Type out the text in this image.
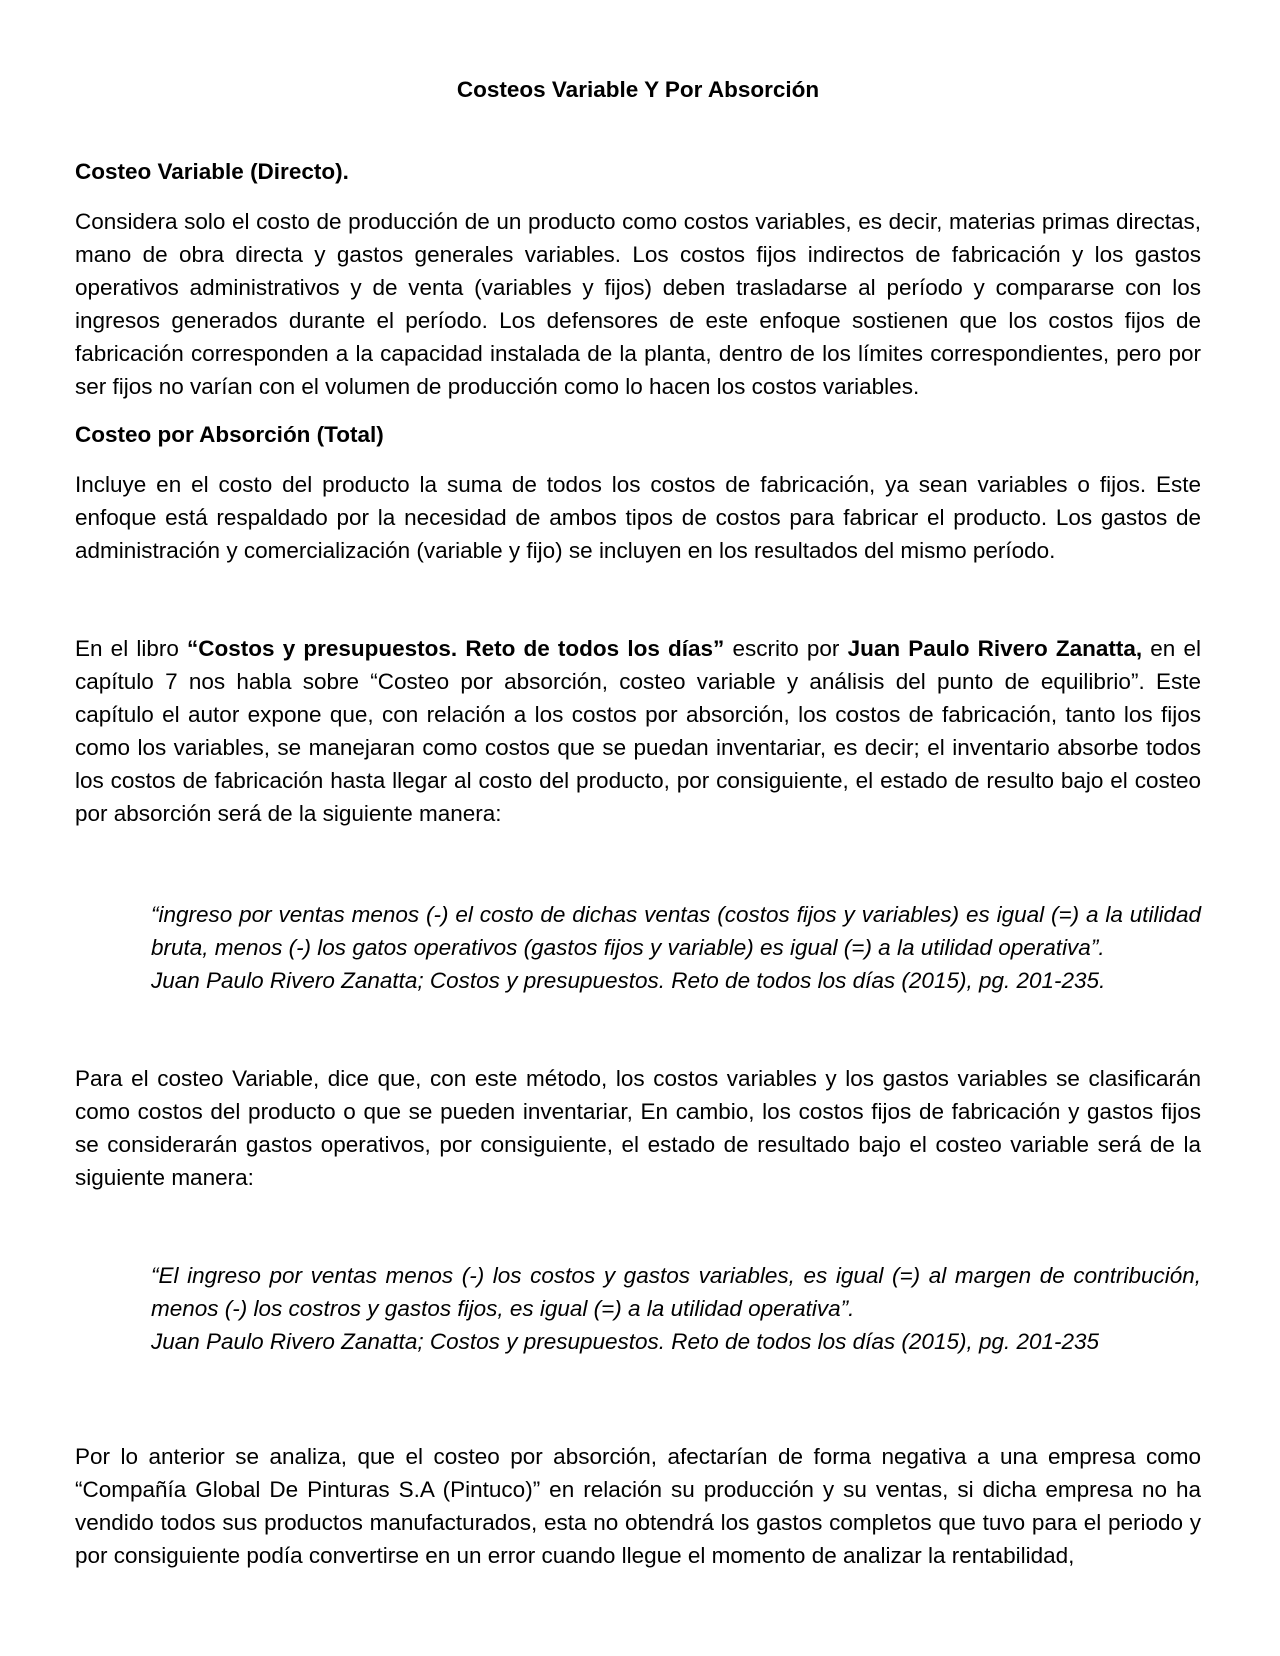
Costeos Variable Y Por Absorción
Costeo Variable (Directo).

Considera solo el costo de producción de un producto como costos variables, es decir, materias primas directas, mano de obra directa y gastos generales variables. Los costos fijos indirectos de fabricación y los gastos operativos administrativos y de venta (variables y fijos) deben trasladarse al período y compararse con los ingresos generados durante el período. Los defensores de este enfoque sostienen que los costos fijos de fabricación corresponden a la capacidad instalada de la planta, dentro de los límites correspondientes, pero por ser fijos no varían con el volumen de producción como lo hacen los costos variables.

Costeo por Absorción (Total)

Incluye en el costo del producto la suma de todos los costos de fabricación, ya sean variables o fijos. Este enfoque está respaldado por la necesidad de ambos tipos de costos para fabricar el producto. Los gastos de administración y comercialización (variable y fijo) se incluyen en los resultados del mismo período.

En el libro “Costos y presupuestos. Reto de todos los días” escrito por Juan Paulo Rivero Zanatta, en el capítulo 7 nos habla sobre “Costeo por absorción, costeo variable y análisis del punto de equilibrio”. Este capítulo el autor expone que, con relación a los costos por absorción, los costos de fabricación, tanto los fijos como los variables, se manejaran como costos que se puedan inventariar, es decir; el inventario absorbe todos los costos de fabricación hasta llegar al costo del producto, por consiguiente, el estado de resulto bajo el costeo por absorción será de la siguiente manera:

“ingreso por ventas menos (-) el costo de dichas ventas (costos fijos y variables) es igual (=) a la utilidad bruta, menos (-) los gatos operativos (gastos fijos y variable) es igual (=) a la utilidad operativa”.
Juan Paulo Rivero Zanatta; Costos y presupuestos. Reto de todos los días (2015), pg. 201-235.

Para el costeo Variable, dice que, con este método, los costos variables y los gastos variables se clasificarán como costos del producto o que se pueden inventariar, En cambio, los costos fijos de fabricación y gastos fijos se considerarán gastos operativos, por consiguiente, el estado de resultado bajo el costeo variable será de la siguiente manera:

“El ingreso por ventas menos (-) los costos y gastos variables, es igual (=) al margen de contribución, menos (-) los costros y gastos fijos, es igual (=) a la utilidad operativa”.
Juan Paulo Rivero Zanatta; Costos y presupuestos. Reto de todos los días (2015), pg. 201-235

Por lo anterior se analiza, que el costeo por absorción, afectarían de forma negativa a una empresa como “Compañía Global De Pinturas S.A (Pintuco)” en relación su producción y su ventas, si dicha empresa no ha vendido todos sus productos manufacturados, esta no obtendrá los gastos completos que tuvo para el periodo y por consiguiente podía convertirse en un error cuando llegue el momento de analizar la rentabilidad,
